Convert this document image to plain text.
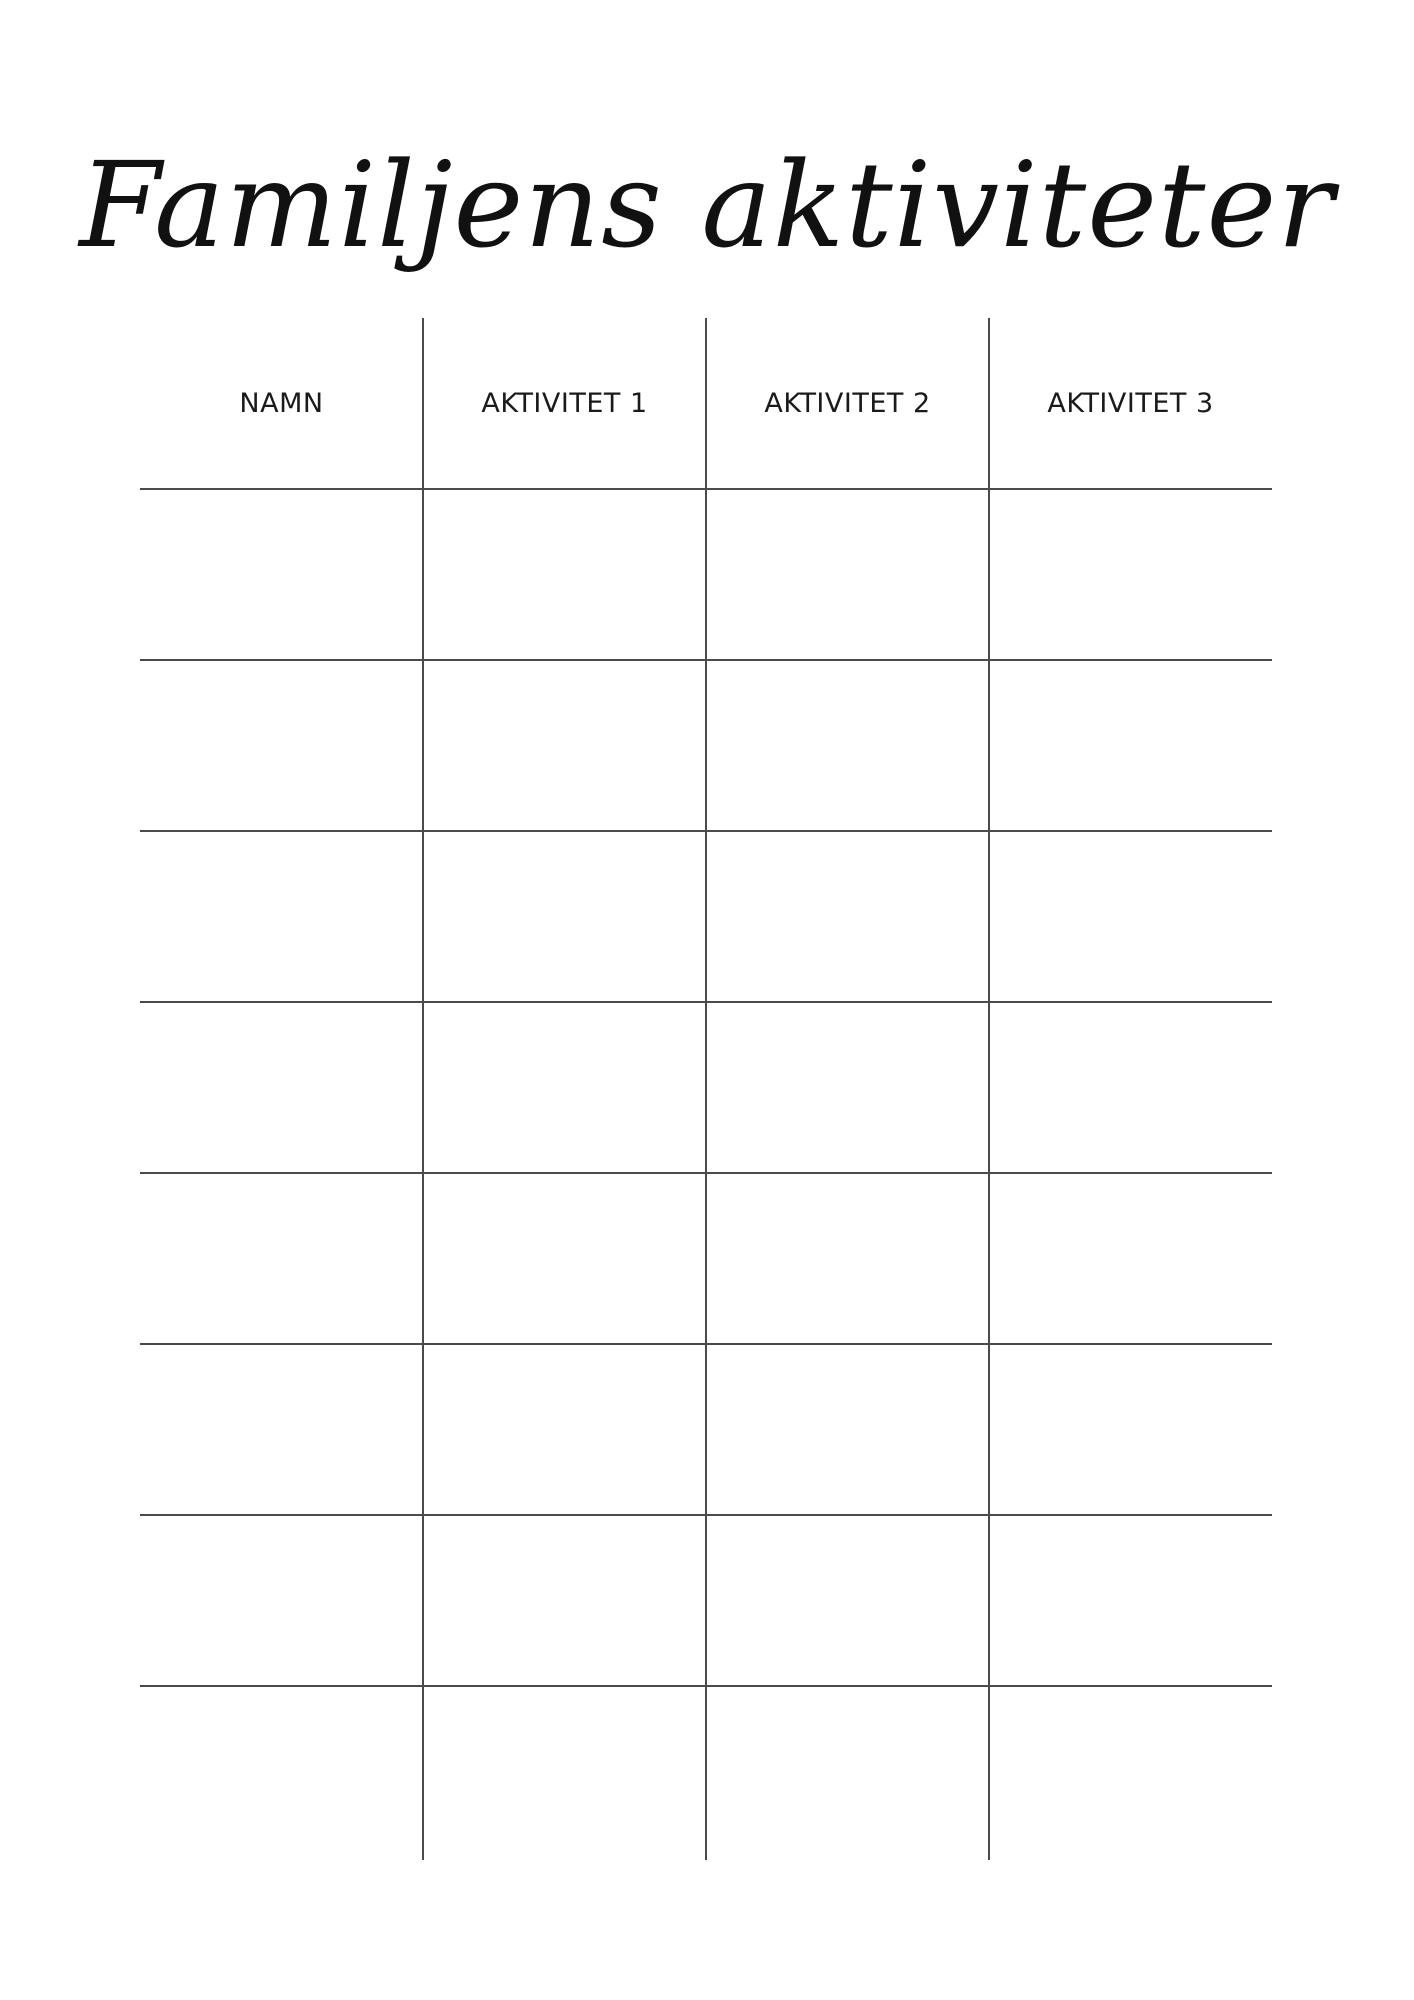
Familjens aktiviteter
NAMN	AKTIVITET 1	AKTIVITET 2	AKTIVITET 3
